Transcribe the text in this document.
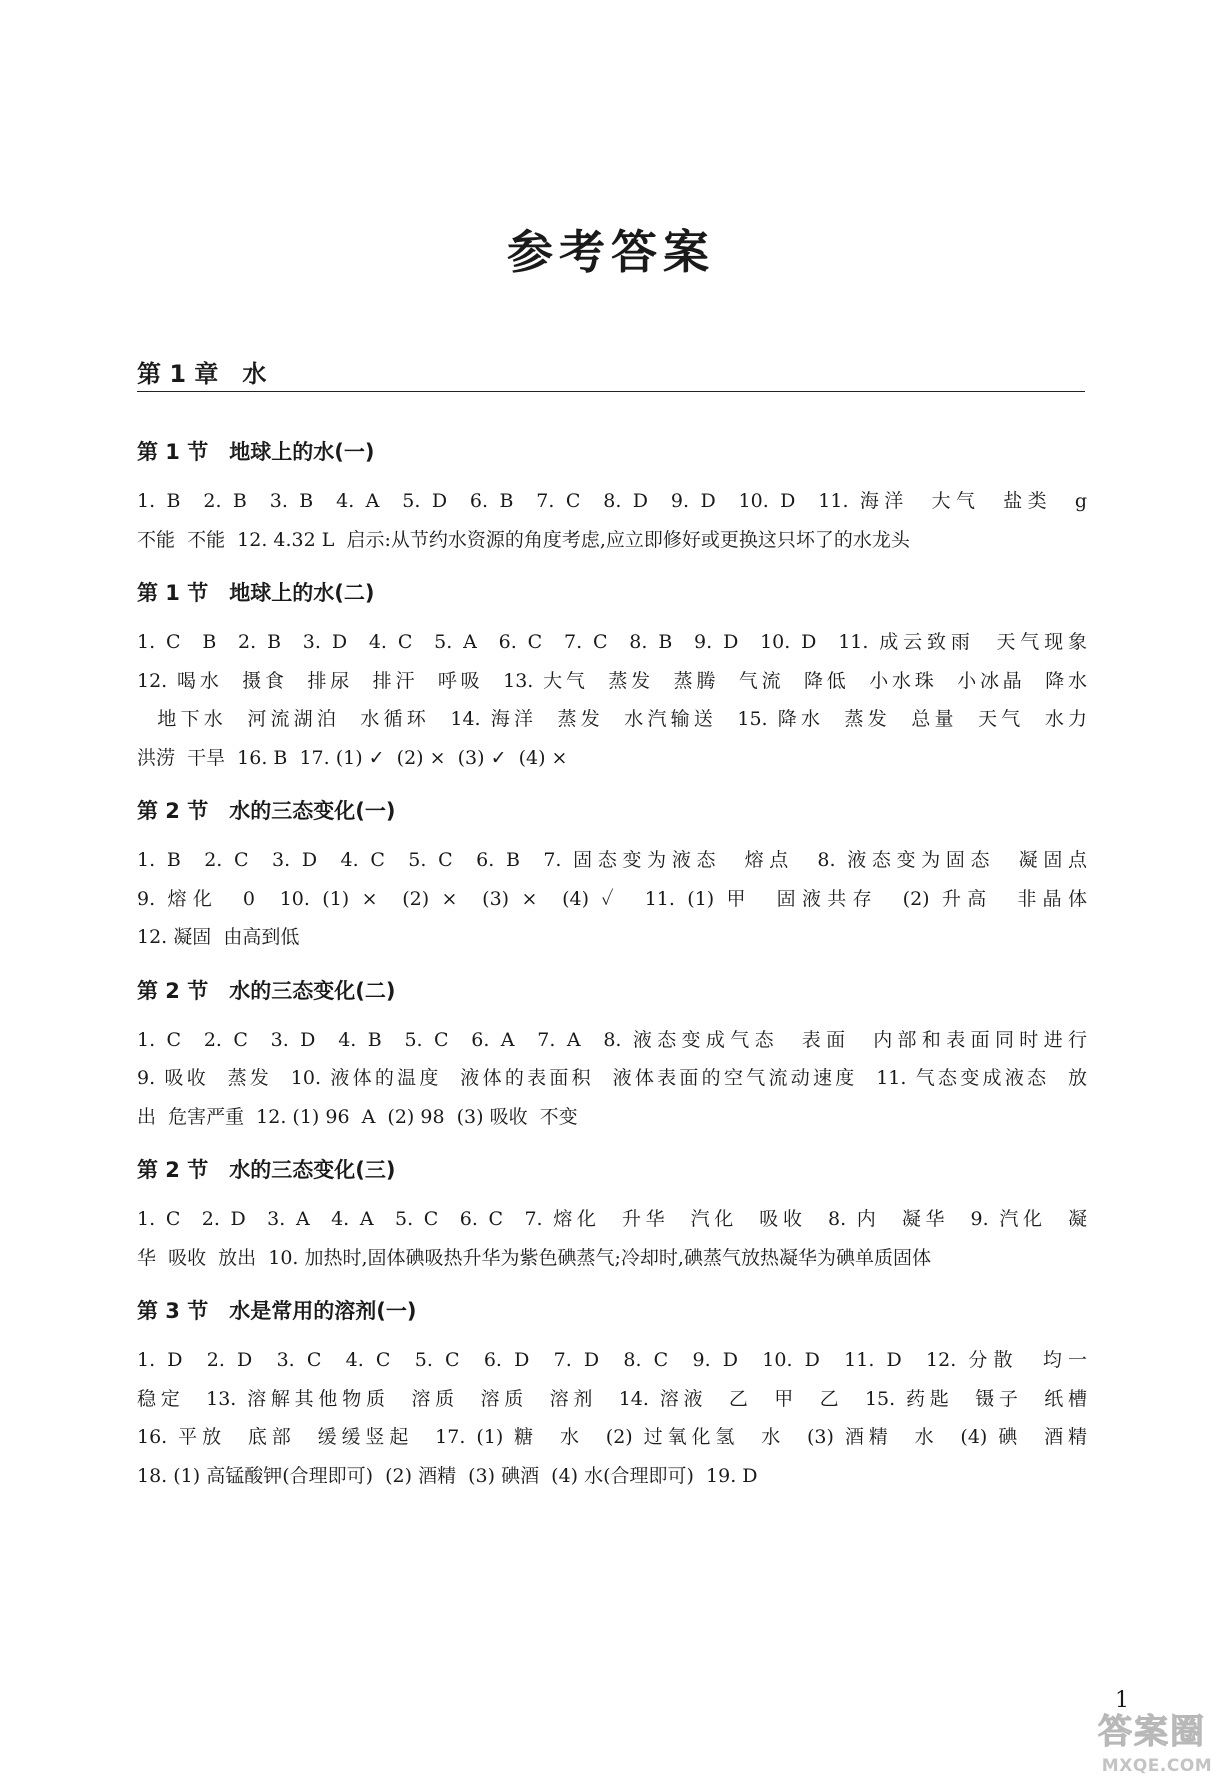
参考答案
第 1 章　水
第 1 节　地球上的水(一)
1. B  2. B  3. B  4. A  5. D  6. B  7. C  8. D  9. D  10. D  11. 海洋  大气  盐类  g
不能  不能  12. 4.32 L  启示:从节约水资源的角度考虑,应立即修好或更换这只坏了的水龙头
第 1 节　地球上的水(二)
1. C  B  2. B  3. D  4. C  5. A  6. C  7. C  8. B  9. D  10. D  11. 成云致雨  天气现象
12. 喝水  摄食  排尿  排汗  呼吸  13. 大气  蒸发  蒸腾  气流  降低  小水珠  小冰晶  降水
地下水  河流湖泊  水循环  14. 海洋  蒸发  水汽输送  15. 降水  蒸发  总量  天气  水力
洪涝  干旱  16. B  17. (1) ✓  (2) ×  (3) ✓  (4) ×
第 2 节　水的三态变化(一)
1. B  2. C  3. D  4. C  5. C  6. B  7. 固态变为液态  熔点  8. 液态变为固态  凝固点
9. 熔化  0  10. (1) ×  (2) ×  (3) ×  (4) ✓  11. (1) 甲  固液共存  (2) 升高  非晶体
12. 凝固  由高到低
第 2 节　水的三态变化(二)
1. C  2. C  3. D  4. B  5. C  6. A  7. A  8. 液态变成气态  表面  内部和表面同时进行
9. 吸收  蒸发  10. 液体的温度  液体的表面积  液体表面的空气流动速度  11. 气态变成液态  放
出  危害严重  12. (1) 96  A  (2) 98  (3) 吸收  不变
第 2 节　水的三态变化(三)
1. C  2. D  3. A  4. A  5. C  6. C  7. 熔化  升华  汽化  吸收  8. 内  凝华  9. 汽化  凝
华  吸收  放出  10. 加热时,固体碘吸热升华为紫色碘蒸气;冷却时,碘蒸气放热凝华为碘单质固体
第 3 节　水是常用的溶剂(一)
1. D  2. D  3. C  4. C  5. C  6. D  7. D  8. C  9. D  10. D  11. D  12. 分散  均一
稳定  13. 溶解其他物质  溶质  溶质  溶剂  14. 溶液  乙  甲  乙  15. 药匙  镊子  纸槽
16. 平放  底部  缓缓竖起  17. (1) 糖  水  (2) 过氧化氢  水  (3) 酒精  水  (4) 碘  酒精
18. (1) 高锰酸钾(合理即可)  (2) 酒精  (3) 碘酒  (4) 水(合理即可)  19. D
1
答 案 圈
MXQE.COM
